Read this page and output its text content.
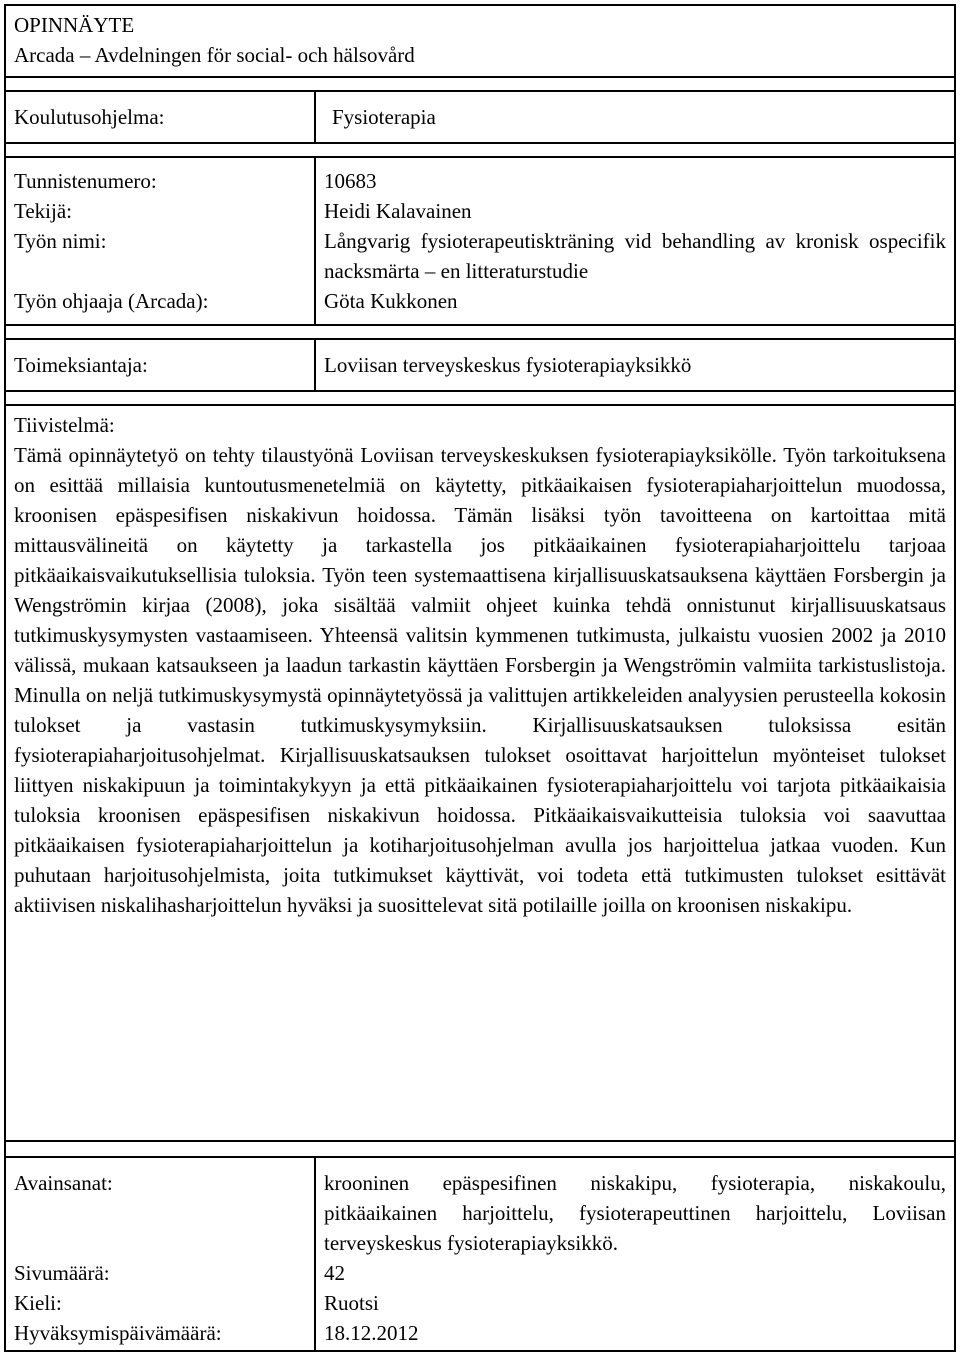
OPINNÄYTE
Arcada – Avdelningen för social- och hälsovård	

Koulutusohjelma:	Fysioterapia

Tunnistenumero:	10683
Tekijä:	Heidi Kalavainen
Työn nimi:	Långvarig fysioterapeutiskträning vid behandling av kronisk ospecifik nacksmärta – en litteraturstudie
Työn ohjaaja (Arcada):	Göta Kukkonen

Toimeksiantaja:	Loviisan terveyskeskus fysioterapiayksikkö

Tiivistelmä:
Tämä opinnäytetyö on tehty tilaustyönä Loviisan terveyskeskuksen fysioterapiayksikölle. Työn tarkoituksena on esittää millaisia kuntoutusmenetelmiä on käytetty, pitkäaikaisen fysioterapiaharjoittelun muodossa, kroonisen epäspesifisen niskakivun hoidossa. Tämän lisäksi työn tavoitteena on kartoittaa mitä mittausvälineitä on käytetty ja tarkastella jos pitkäaikainen fysioterapiaharjoittelu tarjoaa pitkäaikaisvaikutuksellisia tuloksia. Työn teen systemaattisena kirjallisuuskatsauksena käyttäen Forsbergin ja Wengströmin kirjaa (2008), joka sisältää valmiit ohjeet kuinka tehdä onnistunut kirjallisuuskatsaus tutkimuskysymysten vastaamiseen. Yhteensä valitsin kymmenen tutkimusta, julkaistu vuosien 2002 ja 2010 välissä, mukaan katsaukseen ja laadun tarkastin käyttäen Forsbergin ja Wengströmin valmiita tarkistuslistoja. Minulla on neljä tutkimuskysymystä opinnäytetyössä ja valittujen artikkeleiden analyysien perusteella kokosin tulokset ja vastasin tutkimuskysymyksiin. Kirjallisuuskatsauksen tuloksissa esitän fysioterapiaharjoitusohjelmat. Kirjallisuuskatsauksen tulokset osoittavat harjoittelun myönteiset tulokset liittyen niskakipuun ja toimintakykyyn ja että pitkäaikainen fysioterapiaharjoittelu voi tarjota pitkäaikaisia tuloksia kroonisen epäspesifisen niskakivun hoidossa. Pitkäaikaisvaikutteisia tuloksia voi saavuttaa pitkäaikaisen fysioterapiaharjoittelun ja kotiharjoitusohjelman avulla jos harjoittelua jatkaa vuoden. Kun puhutaan harjoitusohjelmista, joita tutkimukset käyttivät, voi todeta että tutkimusten tulokset esittävät aktiivisen niskalihasharjoittelun hyväksi ja suosittelevat sitä potilaille joilla on kroonisen niskakipu.	

Avainsanat:	krooninen epäspesifinen niskakipu, fysioterapia, niskakoulu, pitkäaikainen harjoittelu, fysioterapeuttinen harjoittelu, Loviisan terveyskeskus fysioterapiayksikkö.
Sivumäärä:	42
Kieli:	Ruotsi
Hyväksymispäivämäärä:	18.12.2012
